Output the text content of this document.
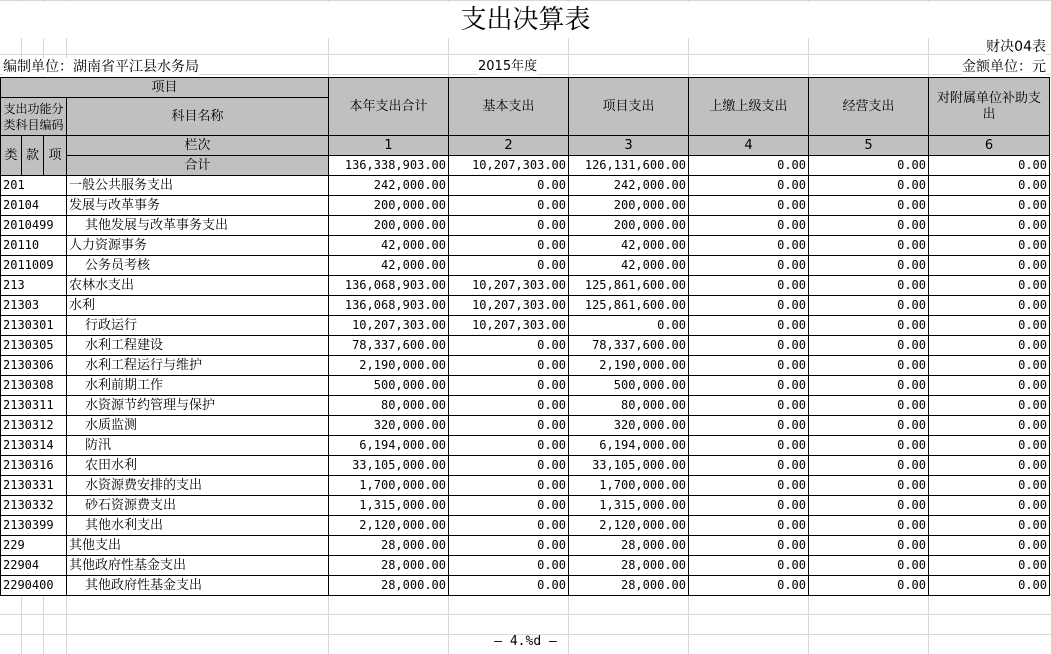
支出决算表
财决04表
编制单位：湖南省平江县水务局	2015年度	金额单位：元
项目				本年支出合计	基本支出	项目支出	上缴上级支出	经营支出	对附属单位补助支出
支出功能分类科目编码			科目名称						

类	款	项	栏次	1	2	3	4	5	6
			合计	136,338,903.00	10,207,303.00	126,131,600.00	0.00	0.00	0.00
201			一般公共服务支出	242,000.00	0.00	242,000.00	0.00	0.00	0.00
20104			发展与改革事务	200,000.00	0.00	200,000.00	0.00	0.00	0.00
2010499			其他发展与改革事务支出	200,000.00	0.00	200,000.00	0.00	0.00	0.00
20110			人力资源事务	42,000.00	0.00	42,000.00	0.00	0.00	0.00
2011009			公务员考核	42,000.00	0.00	42,000.00	0.00	0.00	0.00
213			农林水支出	136,068,903.00	10,207,303.00	125,861,600.00	0.00	0.00	0.00
21303			水利	136,068,903.00	10,207,303.00	125,861,600.00	0.00	0.00	0.00
2130301			行政运行	10,207,303.00	10,207,303.00	0.00	0.00	0.00	0.00
2130305			水利工程建设	78,337,600.00	0.00	78,337,600.00	0.00	0.00	0.00
2130306			水利工程运行与维护	2,190,000.00	0.00	2,190,000.00	0.00	0.00	0.00
2130308			水利前期工作	500,000.00	0.00	500,000.00	0.00	0.00	0.00
2130311			水资源节约管理与保护	80,000.00	0.00	80,000.00	0.00	0.00	0.00
2130312			水质监测	320,000.00	0.00	320,000.00	0.00	0.00	0.00
2130314			防汛	6,194,000.00	0.00	6,194,000.00	0.00	0.00	0.00
2130316			农田水利	33,105,000.00	0.00	33,105,000.00	0.00	0.00	0.00
2130331			水资源费安排的支出	1,700,000.00	0.00	1,700,000.00	0.00	0.00	0.00
2130332			砂石资源费支出	1,315,000.00	0.00	1,315,000.00	0.00	0.00	0.00
2130399			其他水利支出	2,120,000.00	0.00	2,120,000.00	0.00	0.00	0.00
229			其他支出	28,000.00	0.00	28,000.00	0.00	0.00	0.00
22904			其他政府性基金支出	28,000.00	0.00	28,000.00	0.00	0.00	0.00
2290400			其他政府性基金支出	28,000.00	0.00	28,000.00	0.00	0.00	0.00
— 4.%d —
